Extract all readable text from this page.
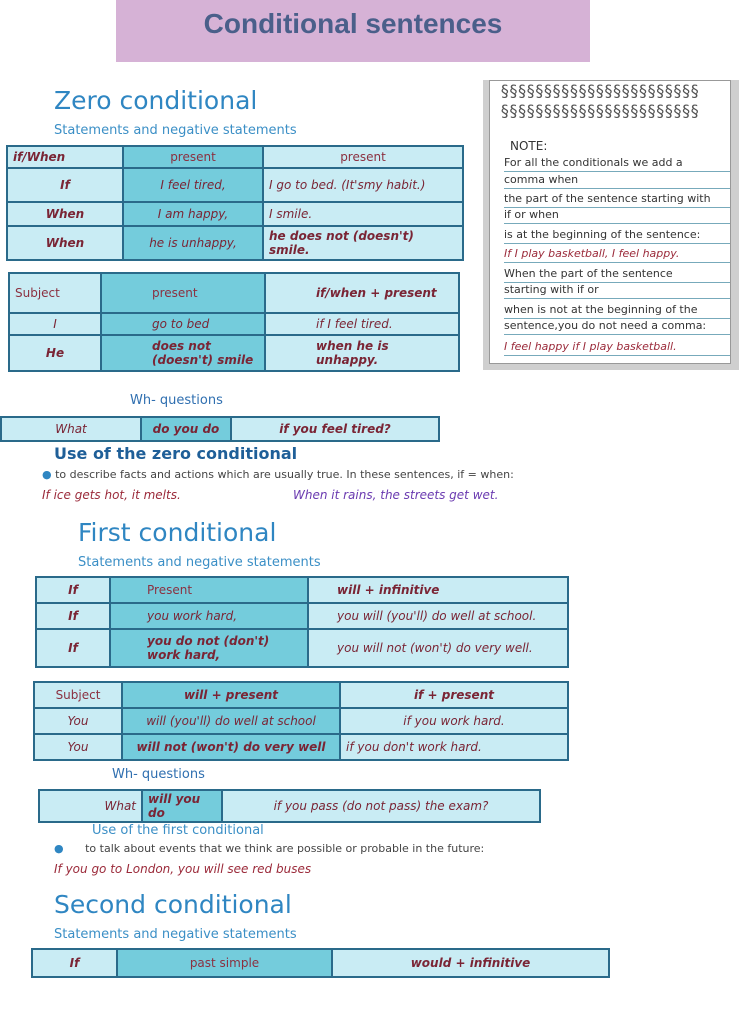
Conditional sentences
Zero conditional
Statements and negative statements
if/When	present	present
If	I feel tired,	I go to bed. (It'smy habit.)
When	I am happy,	I smile.
When	he is unhappy,	he does not (doesn't) smile.
Subject	present	if/when + present
I	go to bed	if I feel tired.
He	does not (doesn't) smile	when he is unhappy.
Wh- questions
What	do you do	if you feel tired?
Use of the zero conditional
● to describe facts and actions which are usually true. In these sentences, if = when:
If ice gets hot, it melts.	When it rains, the streets get wet.
§§§§§§§§§§§§§§§§§§§§§§§
§§§§§§§§§§§§§§§§§§§§§§§
NOTE:
For all the conditionals we add a
comma when
the part of the sentence starting with
if or when
is at the beginning of the sentence:
If I play basketball, I feel happy.
When the part of the sentence
starting with if or
when is not at the beginning of the
sentence,you do not need a comma:
I feel happy if I play basketball.
First conditional
Statements and negative statements
If	Present	will + infinitive
If	you work hard,	you will (you'll) do well at school.
If	you do not (don't) work hard,	you will not (won't) do very well.
Subject	will + present	if + present
You	will (you'll) do well at school	if you work hard.
You	will not (won't) do very well	if you don't work hard.
Wh- questions
What	will you do	if you pass (do not pass) the exam?
Use of the first conditional
● to talk about events that we think are possible or probable in the future:
If you go to London, you will see red buses
Second conditional
Statements and negative statements
If	past simple	would + infinitive
